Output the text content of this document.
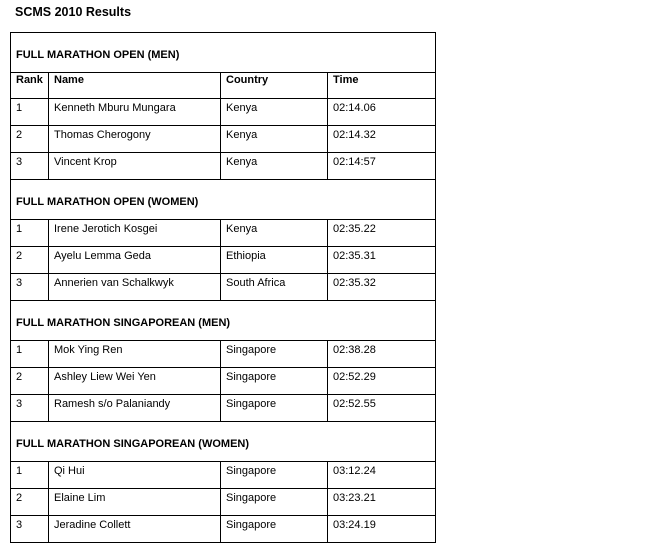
SCMS 2010 Results
FULL MARATHON OPEN (MEN)			
Rank	Name	Country	Time
1	Kenneth Mburu Mungara	Kenya	02:14.06
2	Thomas Cherogony	Kenya	02:14.32
3	Vincent Krop	Kenya	02:14:57
FULL MARATHON OPEN (WOMEN)			
1	Irene Jerotich Kosgei	Kenya	02:35.22
2	Ayelu Lemma Geda	Ethiopia	02:35.31
3	Annerien van Schalkwyk	South Africa	02:35.32
FULL MARATHON SINGAPOREAN (MEN)			
1	Mok Ying Ren	Singapore	02:38.28
2	Ashley Liew Wei Yen	Singapore	02:52.29
3	Ramesh s/o Palaniandy	Singapore	02:52.55
FULL MARATHON SINGAPOREAN (WOMEN)			
1	Qi Hui	Singapore	03:12.24
2	Elaine Lim	Singapore	03:23.21
3	Jeradine Collett	Singapore	03:24.19
